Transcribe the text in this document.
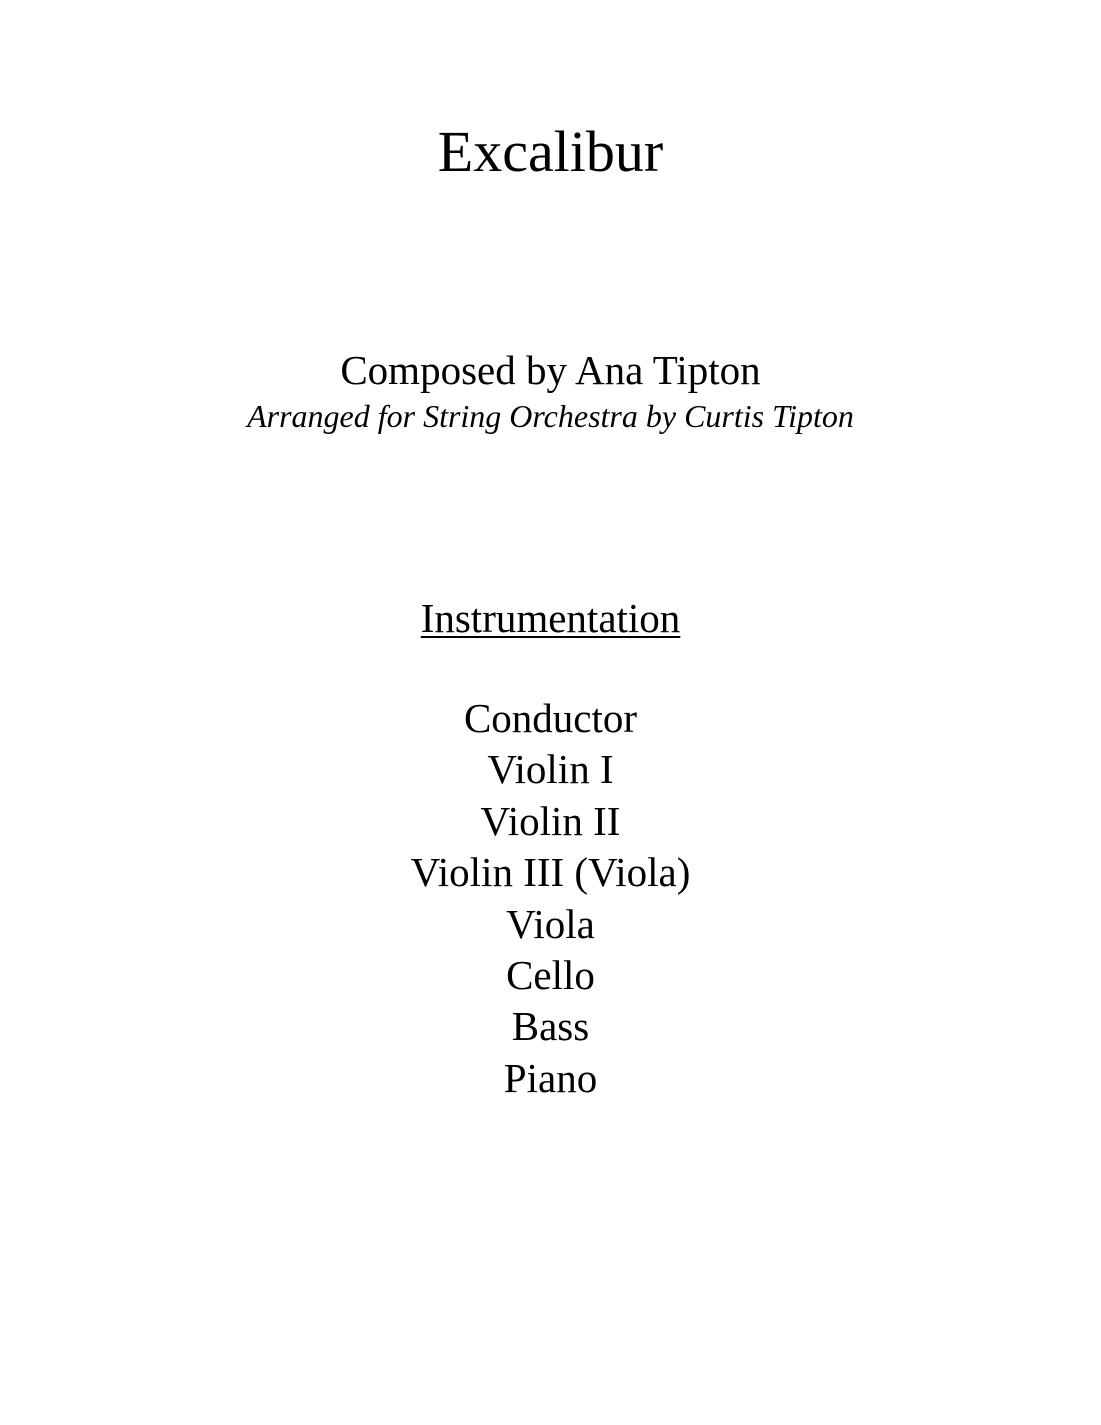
Excalibur
Composed by Ana Tipton
Arranged for String Orchestra by Curtis Tipton
Instrumentation
Conductor
Violin I
Violin II
Violin III (Viola)
Viola
Cello
Bass
Piano
